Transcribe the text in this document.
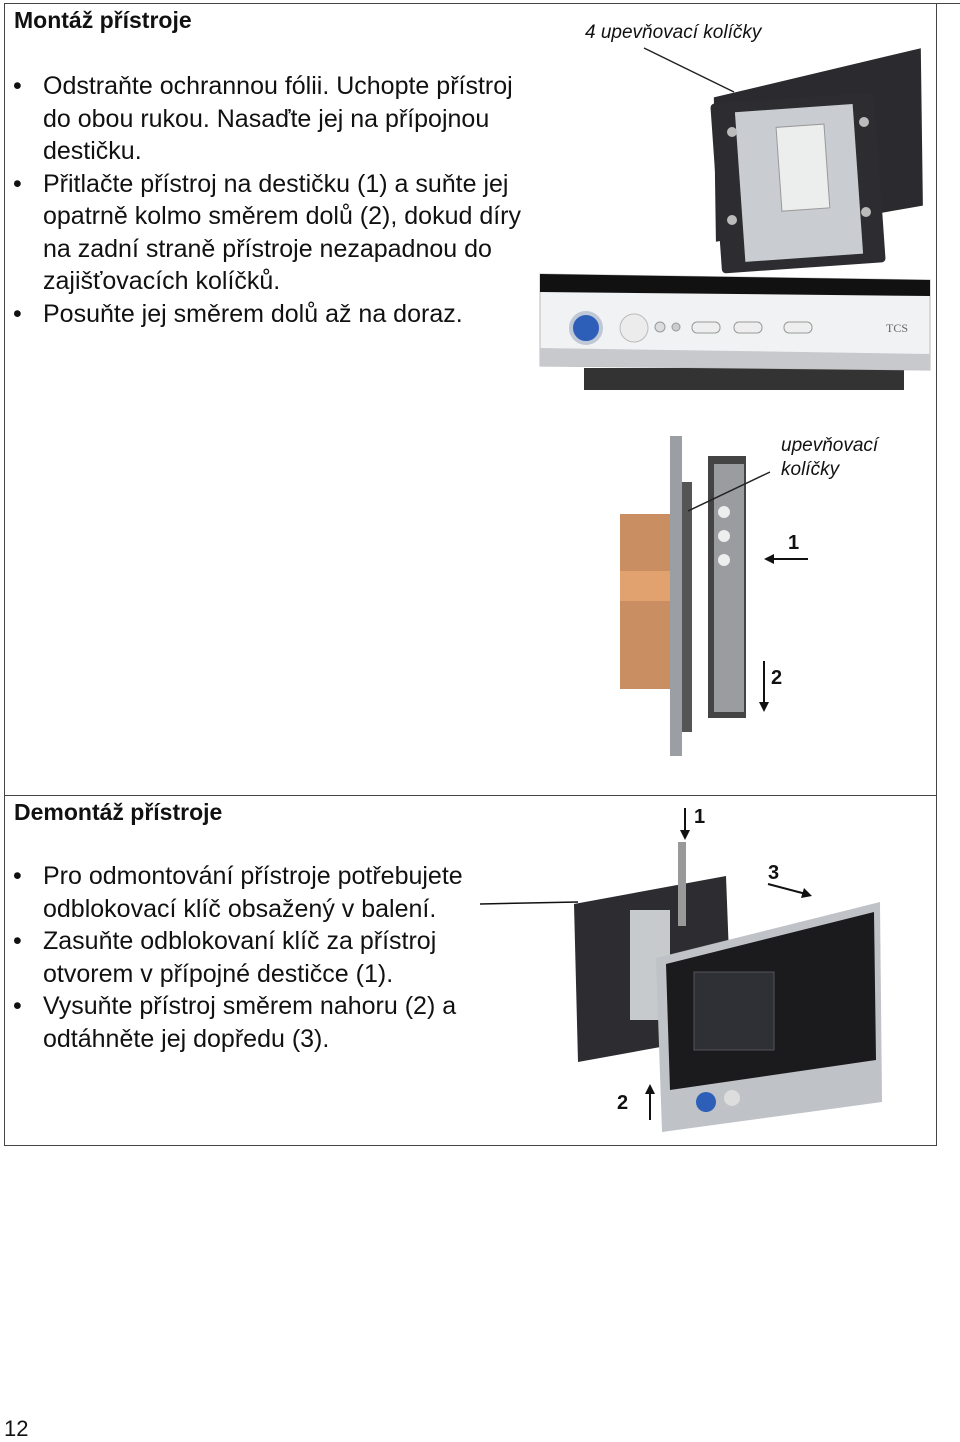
Montáž přístroje
• Odstraňte ochrannou fólii. Uchopte přístroj do obou rukou. Nasaďte jej na přípojnou destičku.
• Přitlačte přístroj na destičku (1) a suňte jej opatrně kolmo směrem dolů (2), dokud díry na zadní straně přístroje nezapadnou do zajišťovacích kolíčků.
• Posuňte jej směrem dolů až na doraz.
4 upevňovací kolíčky
TCS
upevňovací
kolíčky
1
2
Demontáž přístroje
• Pro odmontování přístroje potřebujete odblokovací klíč obsažený v balení.
• Zasuňte odblokovaní klíč za přístroj otvorem v přípojné destičce (1).
• Vysuňte přístroj směrem nahoru (2) a odtáhněte jej dopředu (3).
1
2
3
12
